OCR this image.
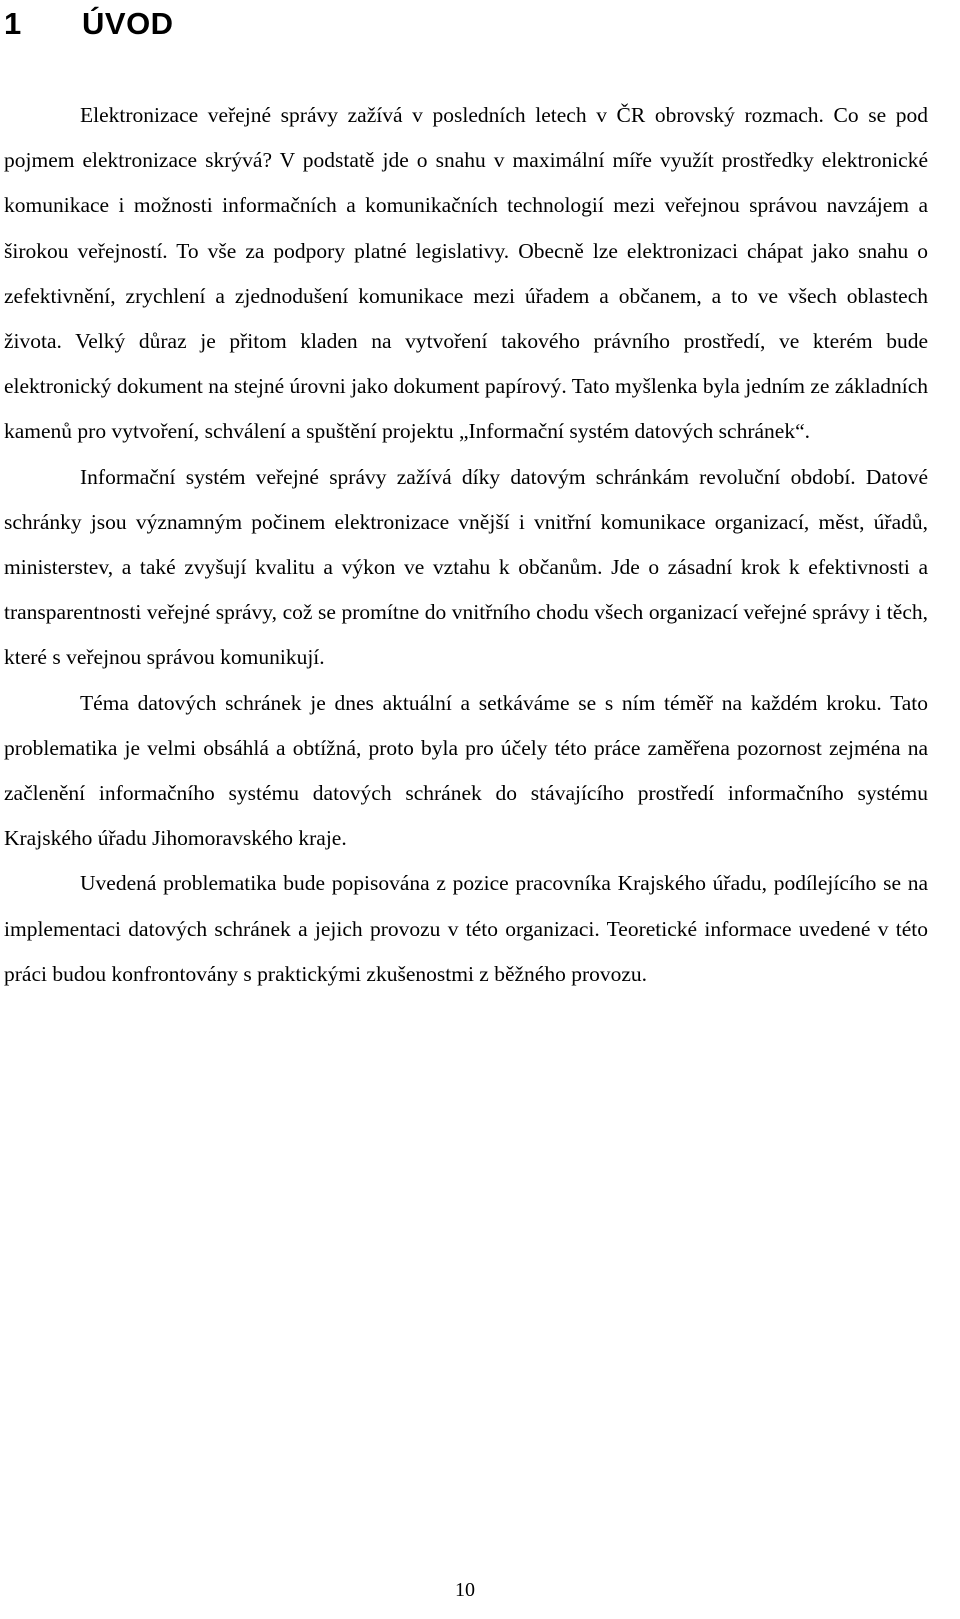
1 ÚVOD

Elektronizace veřejné správy zažívá v posledních letech v ČR obrovský rozmach. Co se pod pojmem elektronizace skrývá? V podstatě jde o snahu v maximální míře využít prostředky elektronické komunikace i možnosti informačních a komunikačních technologií mezi veřejnou správou navzájem a širokou veřejností. To vše za podpory platné legislativy. Obecně lze elektronizaci chápat jako snahu o zefektivnění, zrychlení a zjednodušení komunikace mezi úřadem a občanem, a to ve všech oblastech života. Velký důraz je přitom kladen na vytvoření takového právního prostředí, ve kterém bude elektronický dokument na stejné úrovni jako dokument papírový. Tato myšlenka byla jedním ze základních kamenů pro vytvoření, schválení a spuštění projektu „Informační systém datových schránek“.

Informační systém veřejné správy zažívá díky datovým schránkám revoluční období. Datové schránky jsou významným počinem elektronizace vnější i vnitřní komunikace organizací, měst, úřadů, ministerstev, a také zvyšují kvalitu a výkon ve vztahu k občanům. Jde o zásadní krok k efektivnosti a transparentnosti veřejné správy, což se promítne do vnitřního chodu všech organizací veřejné správy i těch, které s veřejnou správou komunikují.

Téma datových schránek je dnes aktuální a setkáváme se s ním téměř na každém kroku. Tato problematika je velmi obsáhlá a obtížná, proto byla pro účely této práce zaměřena pozornost zejména na začlenění informačního systému datových schránek do stávajícího prostředí informačního systému Krajského úřadu Jihomoravského kraje.

Uvedená problematika bude popisována z pozice pracovníka Krajského úřadu, podílejícího se na implementaci datových schránek a jejich provozu v této organizaci. Teoretické informace uvedené v této práci budou konfrontovány s praktickými zkušenostmi z běžného provozu.

10
